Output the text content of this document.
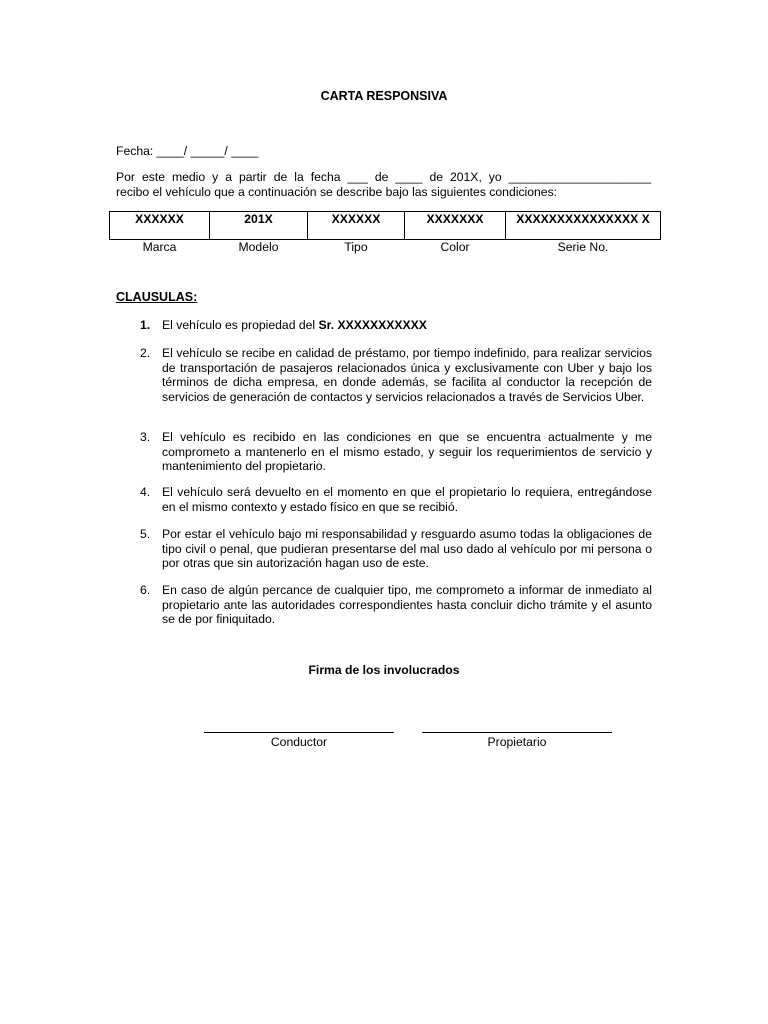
CARTA RESPONSIVA
Fecha: ____/ _____/ ____
Por este medio y a partir de la fecha ___ de ____ de 201X, yo _____________________
recibo el vehículo que a continuación se describe bajo las siguientes condiciones:
XXXXXX	201X	XXXXXX	XXXXXXX	XXXXXXXXXXXXXXX X
Marca	Modelo	Tipo	Color	Serie No.
CLAUSULAS:
1. El vehículo es propiedad del Sr. XXXXXXXXXXX
2. El vehículo se recibe en calidad de préstamo, por tiempo indefinido, para realizar servicios de transportación de pasajeros relacionados única y exclusivamente con Uber y bajo los términos de dicha empresa, en donde además, se facilita al conductor la recepción de servicios de generación de contactos y servicios relacionados a través de Servicios Uber.
3. El vehículo es recibido en las condiciones en que se encuentra actualmente y me comprometo a mantenerlo en el mismo estado, y seguir los requerimientos de servicio y mantenimiento del propietario.
4. El vehículo será devuelto en el momento en que el propietario lo requiera, entregándose en el mismo contexto y estado físico en que se recibió.
5. Por estar el vehículo bajo mi responsabilidad y resguardo asumo todas la obligaciones de tipo civil o penal, que pudieran presentarse del mal uso dado al vehículo por mi persona o por otras que sin autorización hagan uso de este.
6. En caso de algún percance de cualquier tipo, me comprometo a informar de inmediato al propietario ante las autoridades correspondientes hasta concluir dicho trámite y el asunto se de por finiquitado.
Firma de los involucrados
Conductor	Propietario
